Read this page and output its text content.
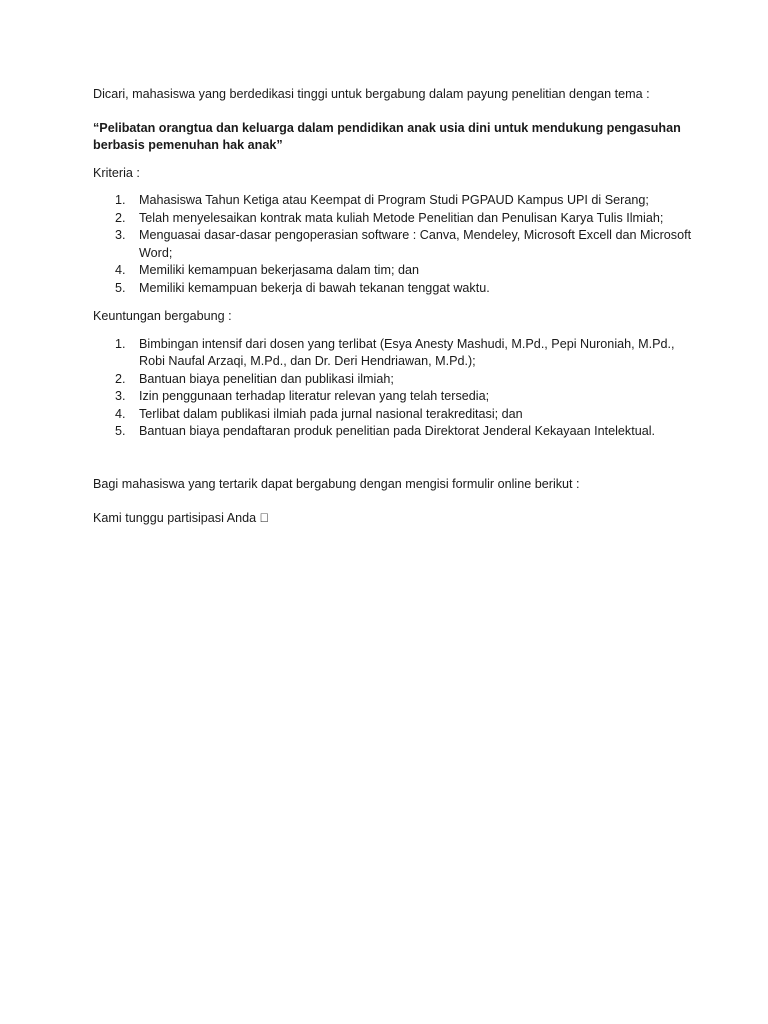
Dicari, mahasiswa yang berdedikasi tinggi untuk bergabung dalam payung penelitian dengan tema :

“Pelibatan orangtua dan keluarga dalam pendidikan anak usia dini untuk mendukung pengasuhan berbasis pemenuhan hak anak”

Kriteria :

1. Mahasiswa Tahun Ketiga atau Keempat di Program Studi PGPAUD Kampus UPI di Serang;
2. Telah menyelesaikan kontrak mata kuliah Metode Penelitian dan Penulisan Karya Tulis Ilmiah;
3. Menguasai dasar-dasar pengoperasian software : Canva, Mendeley, Microsoft Excell dan Microsoft Word;
4. Memiliki kemampuan bekerjasama dalam tim; dan
5. Memiliki kemampuan bekerja di bawah tekanan tenggat waktu.

Keuntungan bergabung :

1. Bimbingan intensif dari dosen yang terlibat (Esya Anesty Mashudi, M.Pd., Pepi Nuroniah, M.Pd., Robi Naufal Arzaqi, M.Pd., dan Dr. Deri Hendriawan, M.Pd.);
2. Bantuan biaya penelitian dan publikasi ilmiah;
3. Izin penggunaan terhadap literatur relevan yang telah tersedia;
4. Terlibat dalam publikasi ilmiah pada jurnal nasional terakreditasi; dan
5. Bantuan biaya pendaftaran produk penelitian pada Direktorat Jenderal Kekayaan Intelektual.

Bagi mahasiswa yang tertarik dapat bergabung dengan mengisi formulir online berikut :

Kami tunggu partisipasi Anda
